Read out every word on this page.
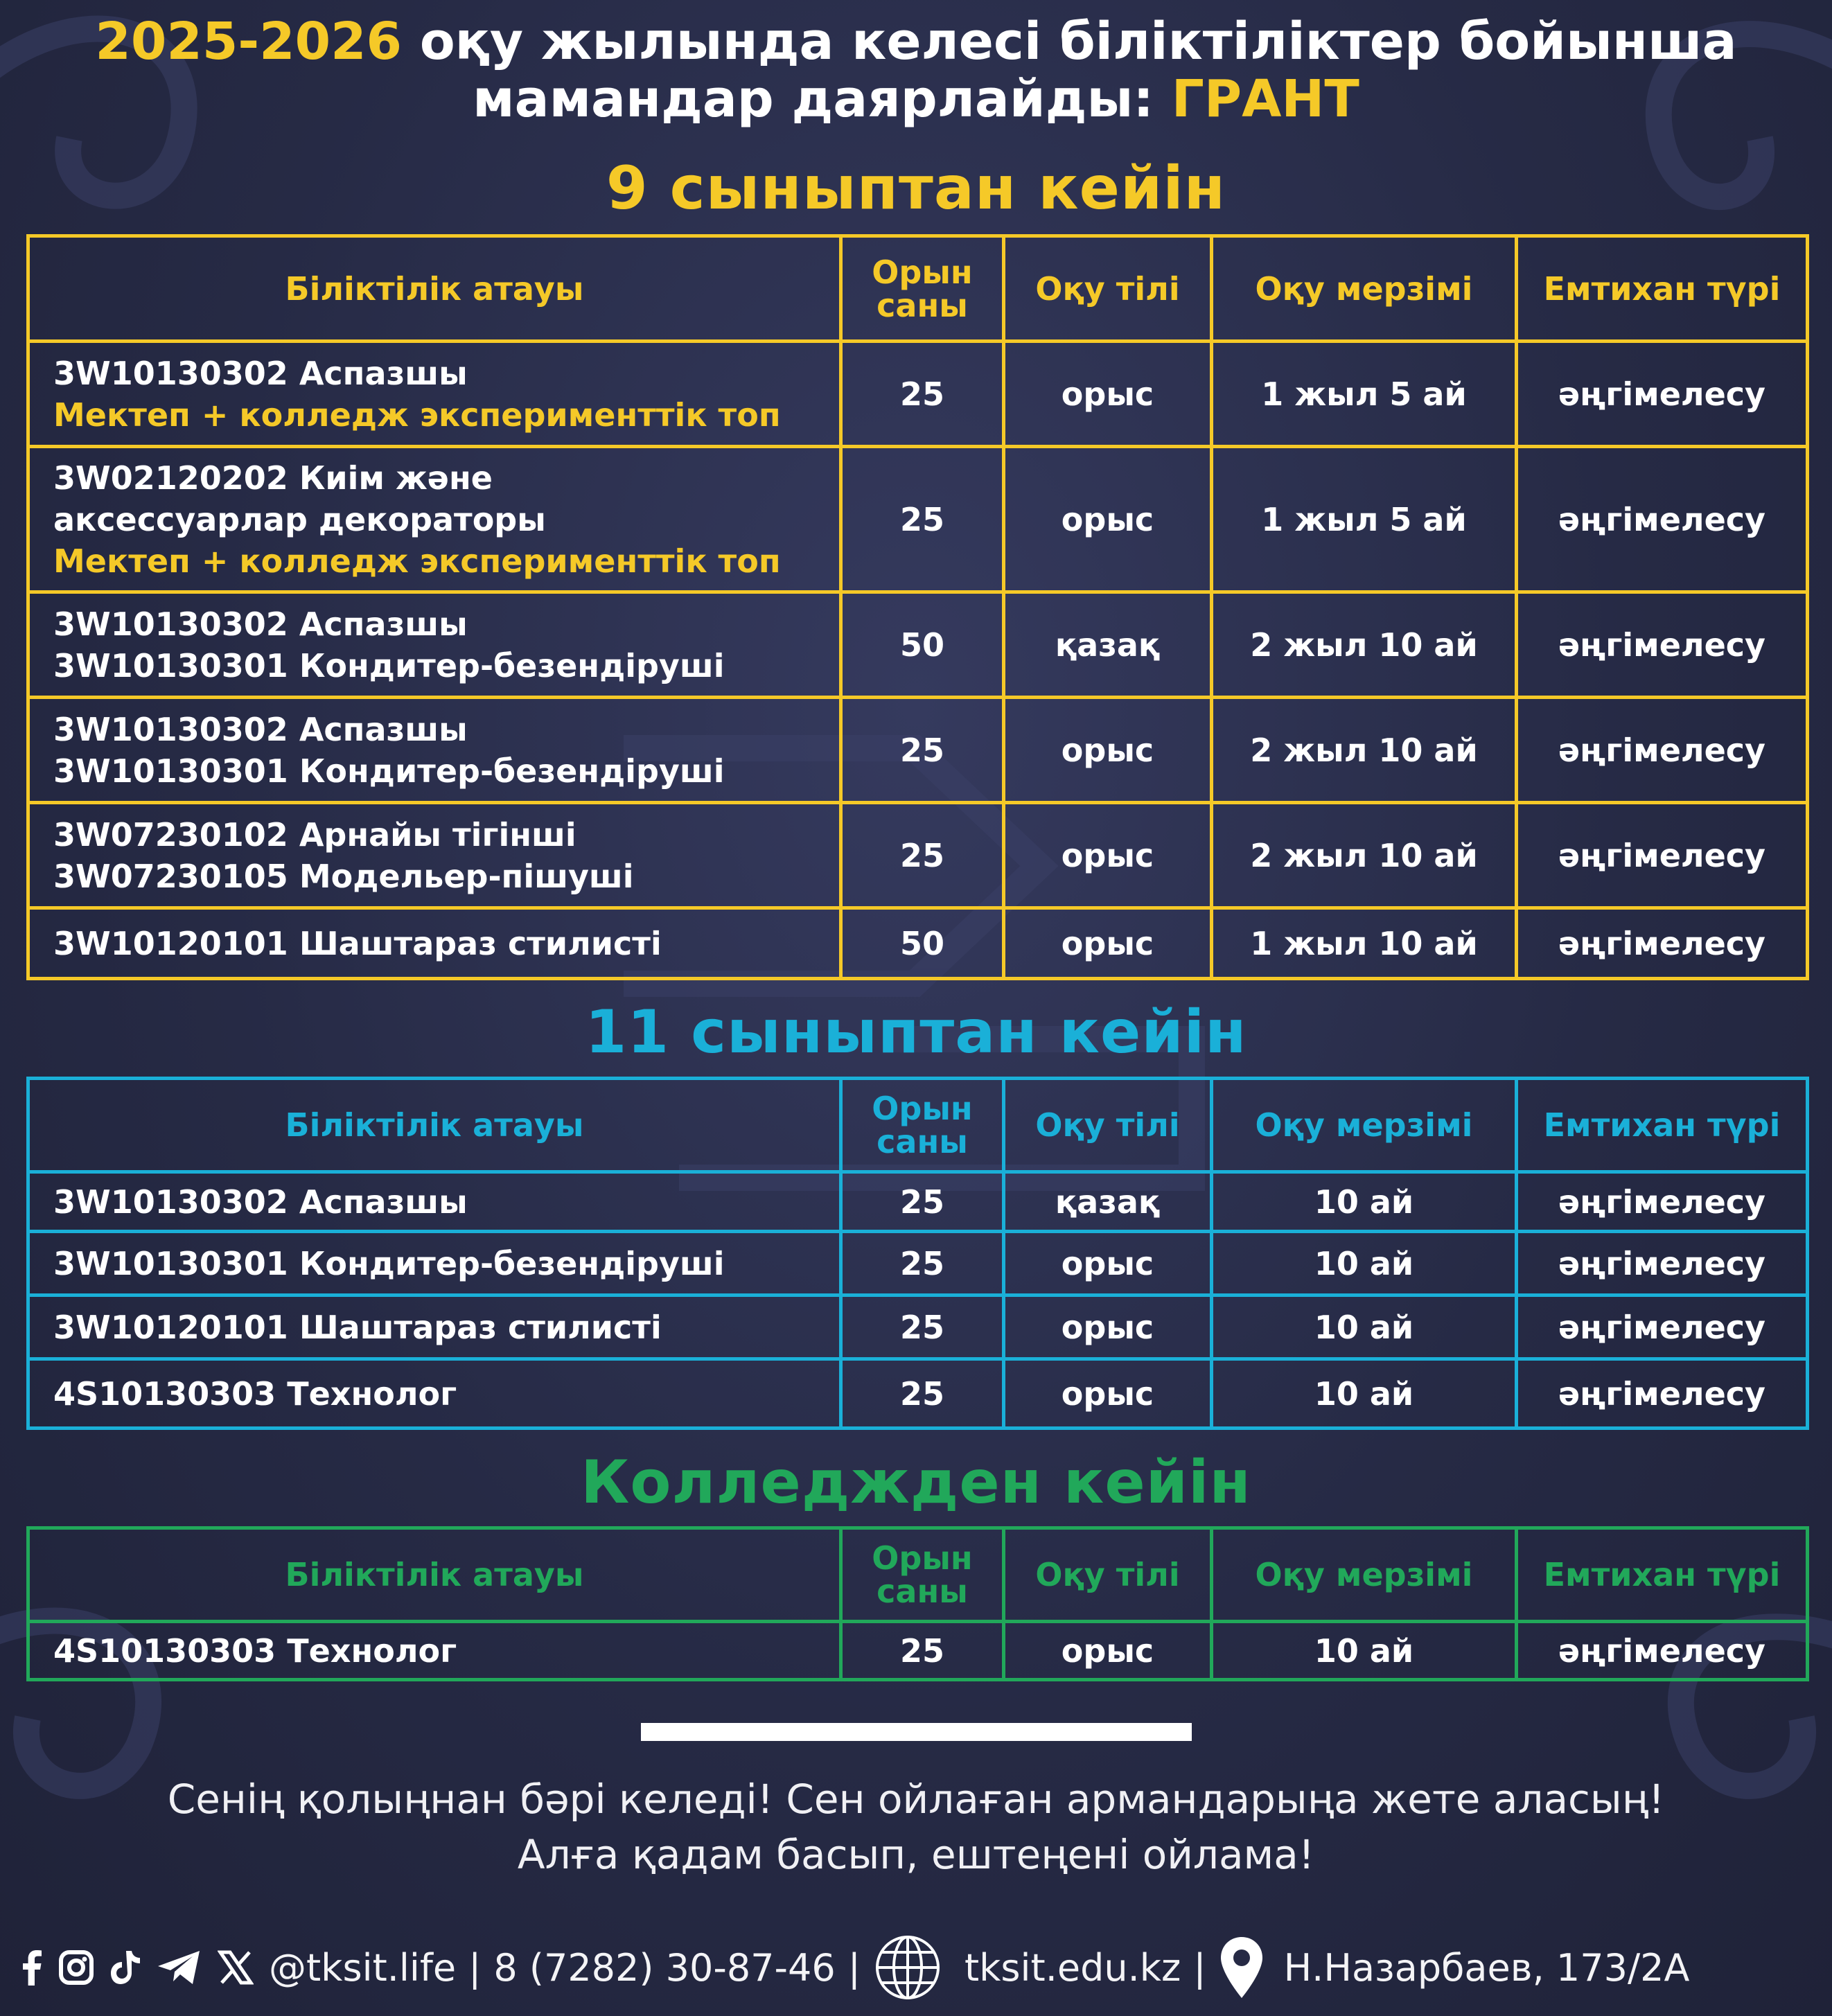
2025-2026 оқу жылында келесі біліктіліктер бойынша
мамандар даярлайды: ГРАНТ
9 сыныптан кейін
Біліктілік атауы	Орын
саны	Оқу тілі	Оқу мерзімі	Емтихан түрі

3W10130302 Аспазшы
Мектеп + колледж эксперименттік топ	25	орыс	1 жыл 5 ай	әңгімелесу

3W02120202 Киім және
аксессуарлар декораторы
Мектеп + колледж эксперименттік топ	25	орыс	1 жыл 5 ай	әңгімелесу

3W10130302 Аспазшы
3W10130301 Кондитер-безендіруші	50	қазақ	2 жыл 10 ай	әңгімелесу

3W10130302 Аспазшы
3W10130301 Кондитер-безендіруші	25	орыс	2 жыл 10 ай	әңгімелесу

3W07230102 Арнайы тігінші
3W07230105 Модельер-пішуші	25	орыс	2 жыл 10 ай	әңгімелесу

3W10120101 Шаштараз стилисті	50	орыс	1 жыл 10 ай	әңгімелесу
11 сыныптан кейін
Біліктілік атауы	Орын
саны	Оқу тілі	Оқу мерзімі	Емтихан түрі
3W10130302 Аспазшы	25	қазақ	10 ай	әңгімелесу
3W10130301 Кондитер-безендіруші	25	орыс	10 ай	әңгімелесу
3W10120101 Шаштараз стилисті	25	орыс	10 ай	әңгімелесу
4S10130303 Технолог	25	орыс	10 ай	әңгімелесу
Колледжден кейін
Біліктілік атауы	Орын
саны	Оқу тілі	Оқу мерзімі	Емтихан түрі
4S10130303 Технолог	25	орыс	10 ай	әңгімелесу
Сенің қолыңнан бәрі келеді! Сен ойлаған армандарыңа жете аласың!
Алға қадам басып, ештеңені ойлама!
@tksit.life | 8 (7282) 30-87-46 |	tksit.edu.kz | Н.Назарбаев, 173/2А
